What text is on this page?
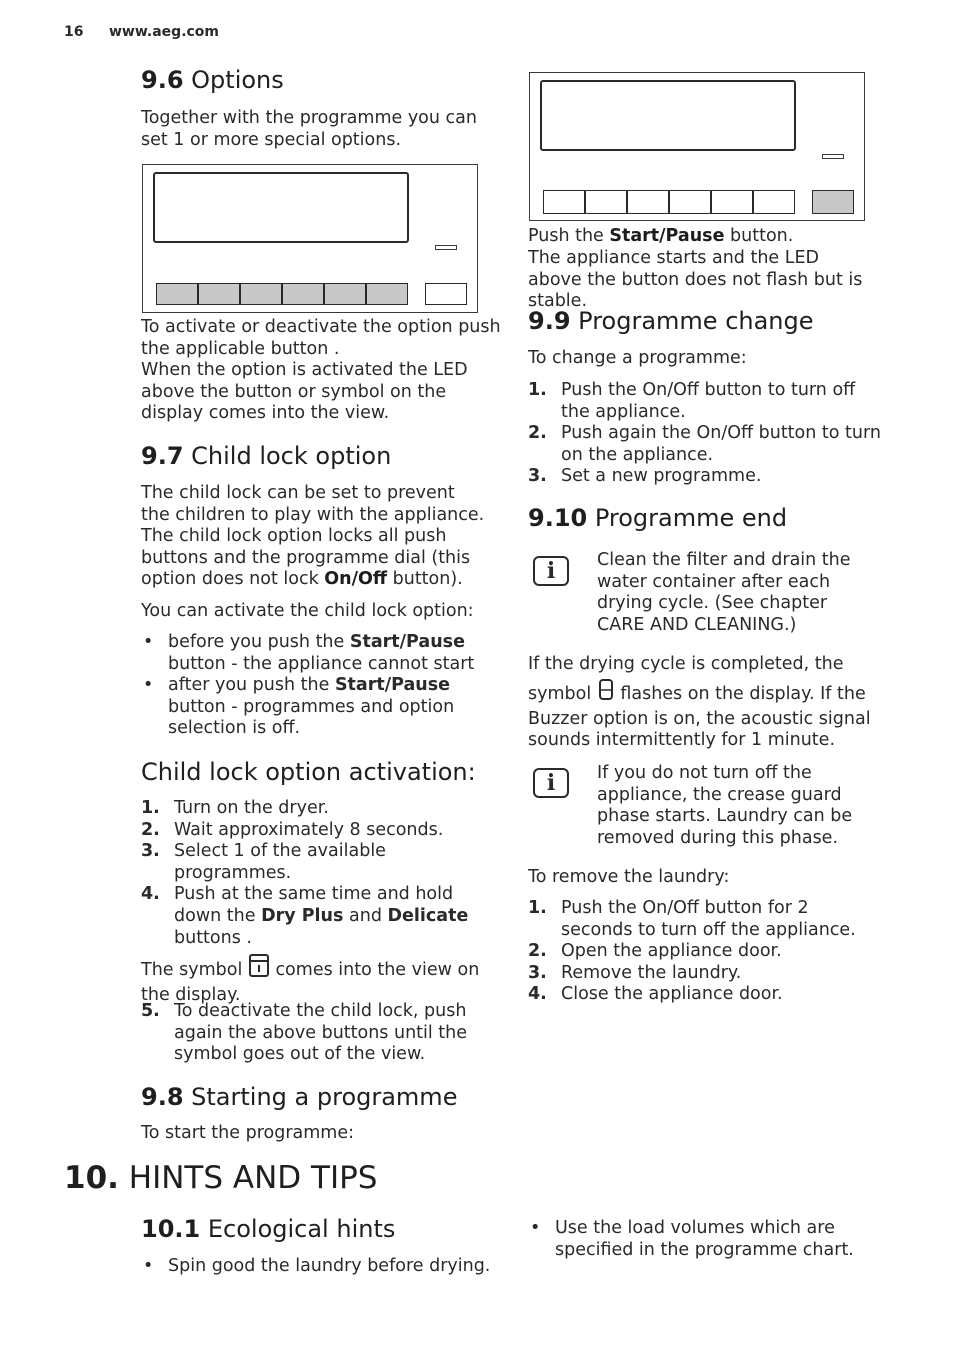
16 www.aeg.com
9.6 Options

Together with the programme you can set 1 or more special options.

To activate or deactivate the option push
the applicable button .
When the option is activated the LED
above the button or symbol on the
display comes into the view.
9.7 Child lock option

The child lock can be set to prevent the children to play with the appliance. The child lock option locks all push buttons and the programme dial (this option does not lock On/Off button).

You can activate the child lock option:

• before you push the Start/Pause button - the appliance cannot start
• after you push the Start/Pause button - programmes and option selection is off.
Child lock option activation:
1. Turn on the dryer.
2. Wait approximately 8 seconds.
3. Select 1 of the available programmes.
4. Push at the same time and hold down the Dry Plus and Delicate buttons .

The symbol  comes into the view on the display.

5. To deactivate the child lock, push again the above buttons until the symbol goes out of the view.
9.8 Starting a programme

To start the programme:

10. HINTS AND TIPS
10.1 Ecological hints
• Spin good the laundry before drying.

Push the Start/Pause button.

The appliance starts and the LED above the button does not flash but is stable.

9.9 Programme change

To change a programme:

1. Push the On/Off button to turn off the appliance.
2. Push again the On/Off button to turn on the appliance.
3. Set a new programme.
9.10 Programme end
i	Clean the filter and drain the water container after each drying cycle. (See chapter CARE AND CLEANING.)

If the drying cycle is completed, the

symbol  flashes on the display. If the Buzzer option is on, the acoustic signal sounds intermittently for 1 minute.

i	If you do not turn off the appliance, the crease guard phase starts. Laundry can be removed during this phase.

To remove the laundry:

1. Push the On/Off button for 2 seconds to turn off the appliance.
2. Open the appliance door.
3. Remove the laundry.
4. Close the appliance door.
• Use the load volumes which are specified in the programme chart.
